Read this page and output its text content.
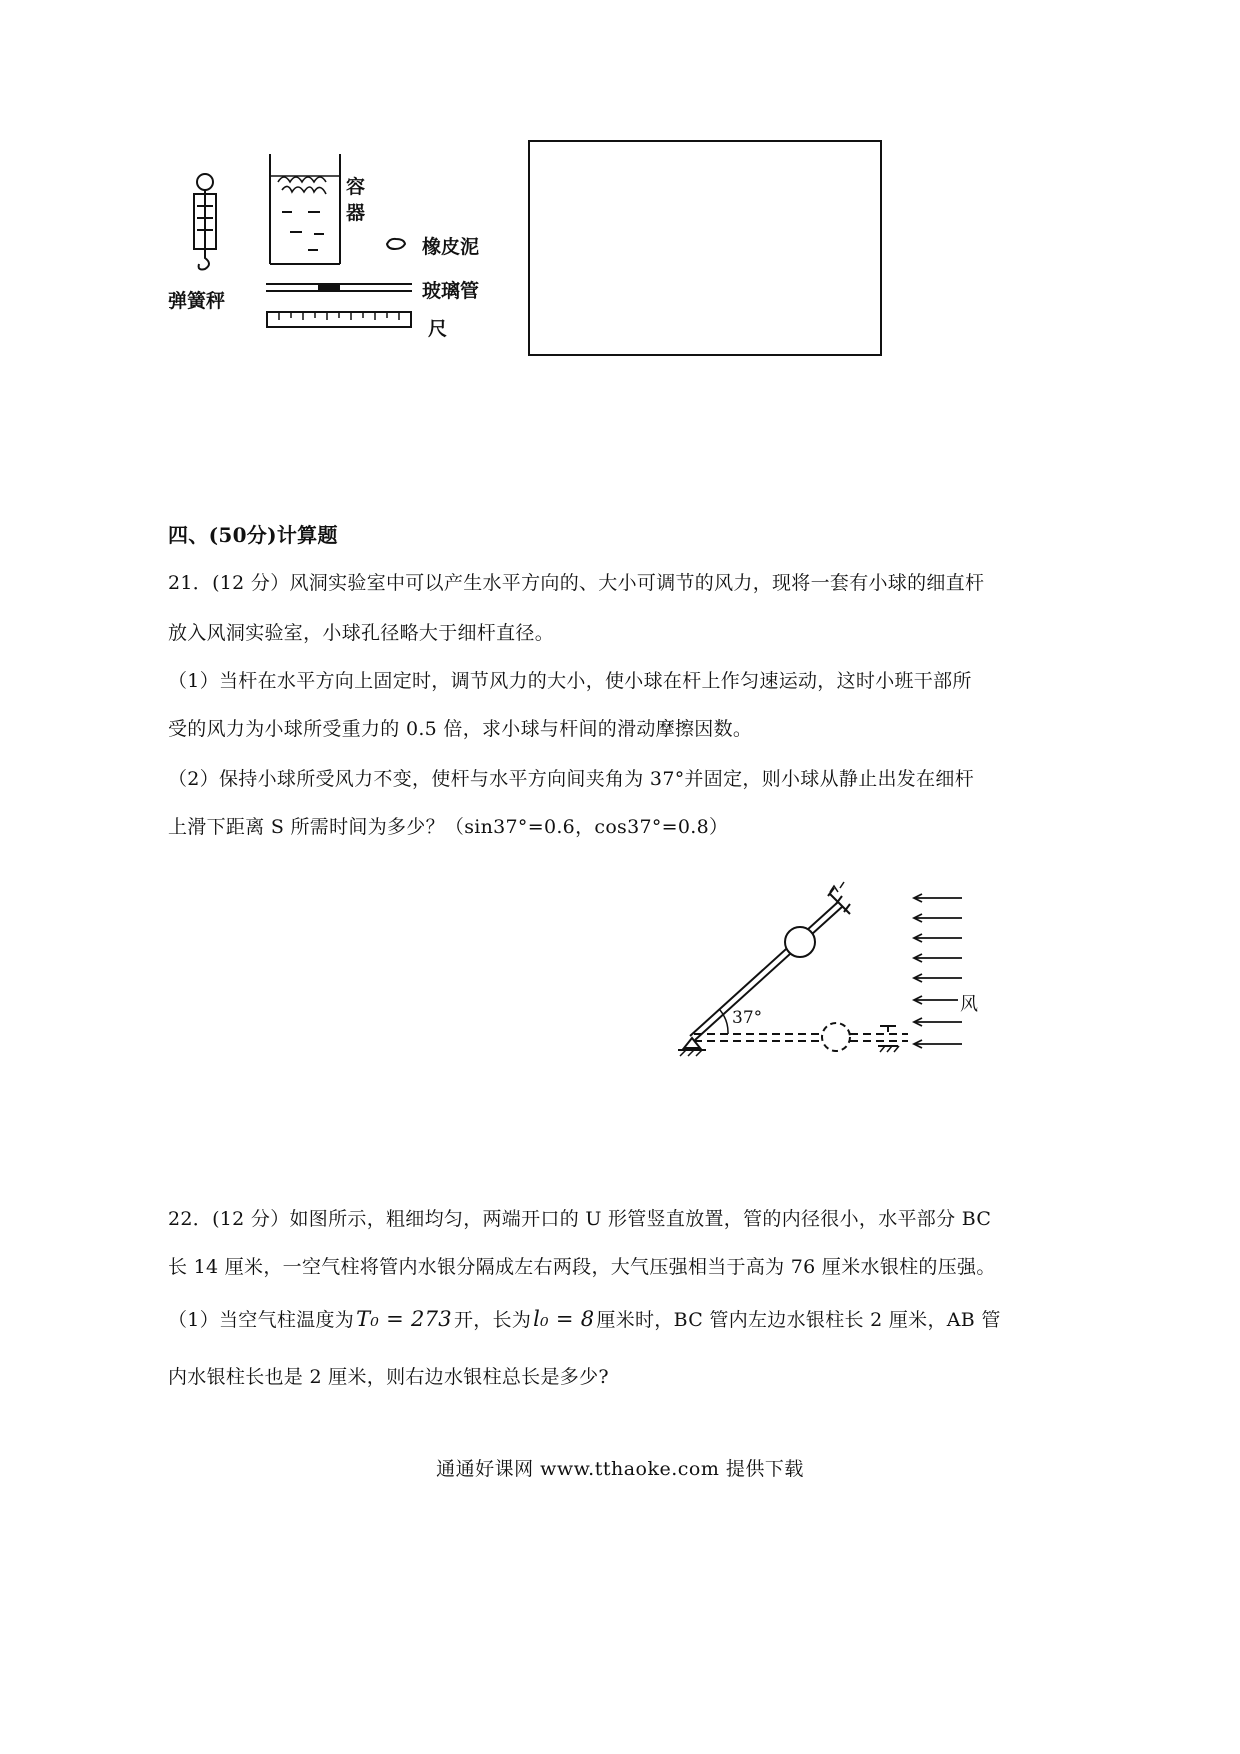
弹簧秤
容
器
橡皮泥
玻璃管
尺
四、(50分)计算题
21．(12 分）风洞实验室中可以产生水平方向的、大小可调节的风力，现将一套有小球的细直杆
放入风洞实验室，小球孔径略大于细杆直径。
（1）当杆在水平方向上固定时，调节风力的大小，使小球在杆上作匀速运动，这时小班干部所
受的风力为小球所受重力的 0.5 倍，求小球与杆间的滑动摩擦因数。
（2）保持小球所受风力不变，使杆与水平方向间夹角为 37°并固定，则小球从静止出发在细杆
上滑下距离 S 所需时间为多少？（sin37°=0.6，cos37°=0.8）
37°
风
22．(12 分）如图所示，粗细均匀，两端开口的 U 形管竖直放置，管的内径很小，水平部分 BC
长 14 厘米，一空气柱将管内水银分隔成左右两段，大气压强相当于高为 76 厘米水银柱的压强。
（1）当空气柱温度为T₀ = 273 开，长为l₀ = 8 厘米时，BC 管内左边水银柱长 2 厘米，AB 管
内水银柱长也是 2 厘米，则右边水银柱总长是多少?
通通好课网 www.tthaoke.com 提供下载
